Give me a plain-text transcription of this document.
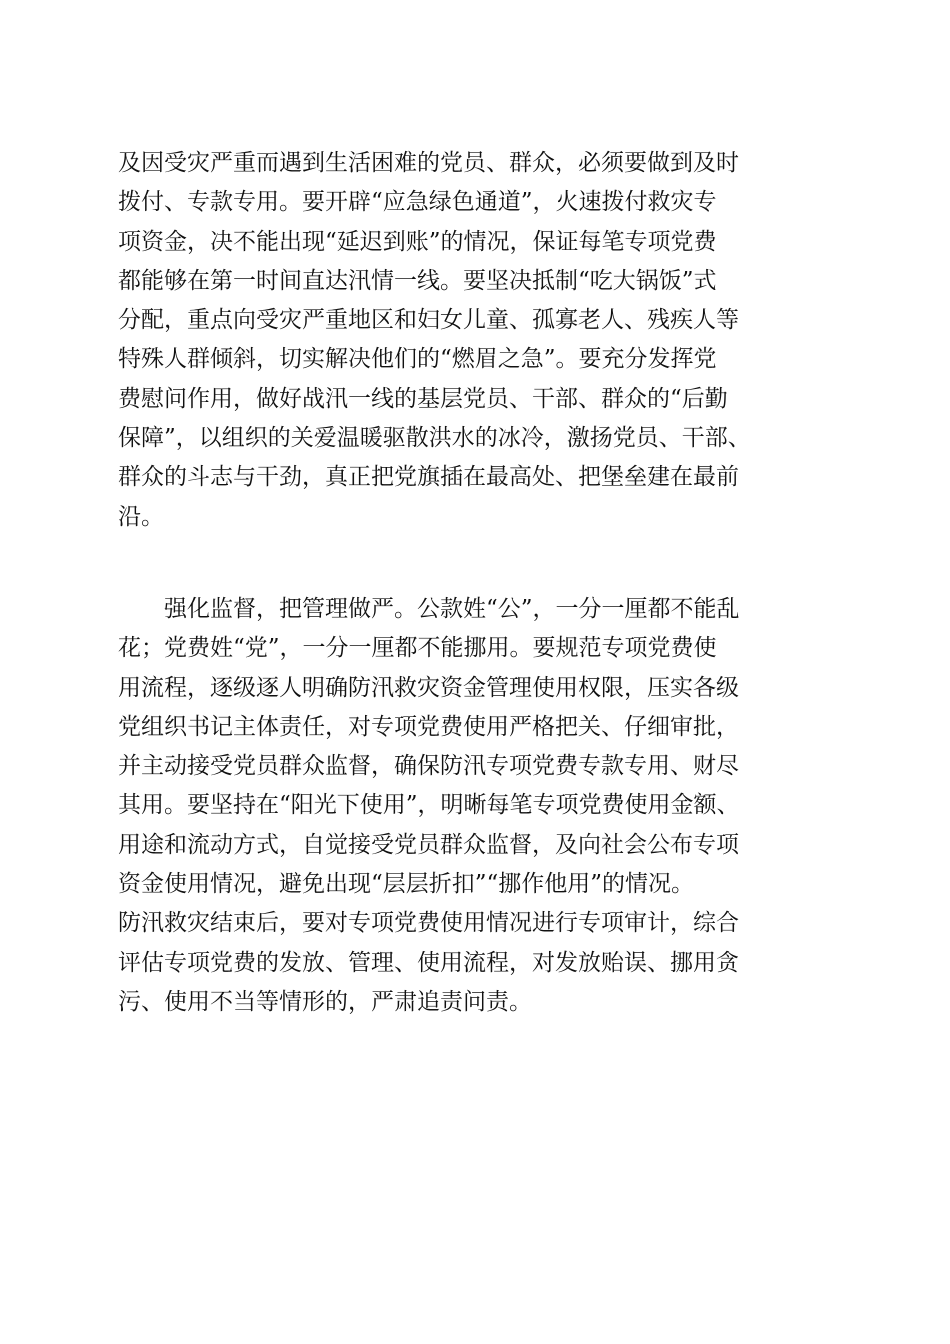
及因受灾严重而遇到生活困难的党员、群众，必须要做到及时
拨付、专款专用。要开辟“应急绿色通道”，火速拨付救灾专
项资金，决不能出现“延迟到账”的情况，保证每笔专项党费
都能够在第一时间直达汛情一线。要坚决抵制“吃大锅饭”式
分配，重点向受灾严重地区和妇女儿童、孤寡老人、残疾人等
特殊人群倾斜，切实解决他们的“燃眉之急”。要充分发挥党
费慰问作用，做好战汛一线的基层党员、干部、群众的“后勤
保障”，以组织的关爱温暖驱散洪水的冰冷，激扬党员、干部、
群众的斗志与干劲，真正把党旗插在最高处、把堡垒建在最前
沿。
　　强化监督，把管理做严。公款姓“公”，一分一厘都不能乱
花；党费姓“党”，一分一厘都不能挪用。要规范专项党费使
用流程，逐级逐人明确防汛救灾资金管理使用权限，压实各级
党组织书记主体责任，对专项党费使用严格把关、仔细审批，
并主动接受党员群众监督，确保防汛专项党费专款专用、财尽
其用。要坚持在“阳光下使用”，明晰每笔专项党费使用金额、
用途和流动方式，自觉接受党员群众监督，及向社会公布专项
资金使用情况，避免出现“层层折扣”“挪作他用”的情况。
防汛救灾结束后，要对专项党费使用情况进行专项审计，综合
评估专项党费的发放、管理、使用流程，对发放贻误、挪用贪
污、使用不当等情形的，严肃追责问责。
